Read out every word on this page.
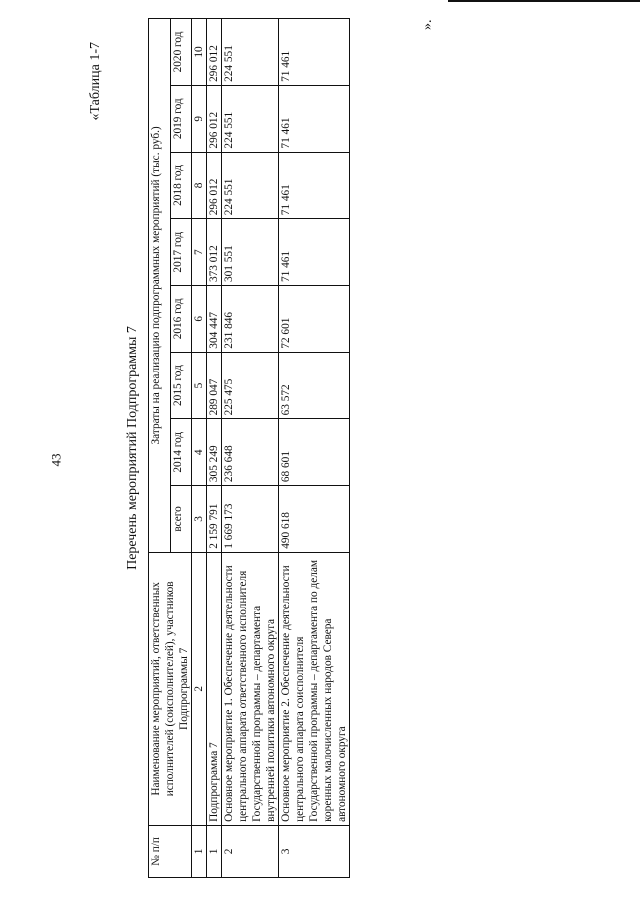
43
«Таблица 1-7
Перечень мероприятий Подпрограммы 7
№ п/п	Наименование мероприятий, ответственных исполнителей (соисполнителей), участников Подпрограммы 7	Затраты на реализацию подпрограммных мероприятий (тыс. руб.)							
		всего	2014 год	2015 год	2016 год	2017 год	2018 год	2019 год	2020 год
1	2	3	4	5	6	7	8	9	10
1	Подпрограмма 7	2 159 791	305 249	289 047	304 447	373 012	296 012	296 012	296 012
2	Основное мероприятие 1. Обеспечение деятельности центрального аппарата ответственного исполнителя Государственной программы – департамента внутренней политики автономного округа	1 669 173	236 648	225 475	231 846	301 551	224 551	224 551	224 551
3	Основное мероприятие 2. Обеспечение деятельности центрального аппарата соисполнителя Государственной программы – департамента по делам коренных малочисленных народов Севера автономного округа	490 618	68 601	63 572	72 601	71 461	71 461	71 461	71 461
».
